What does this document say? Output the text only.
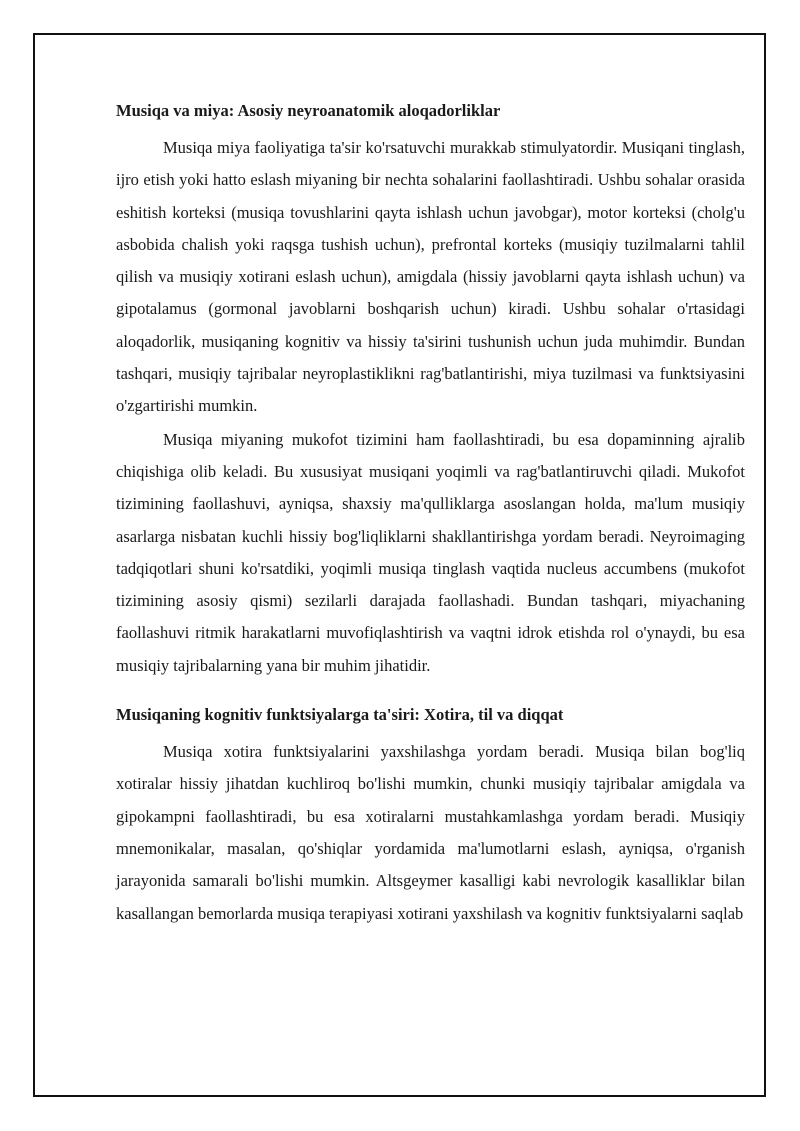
Musiqa va miya: Asosiy neyroanatomik aloqadorliklar

Musiqa miya faoliyatiga ta'sir ko'rsatuvchi murakkab stimulyatordir. Musiqani tinglash, ijro etish yoki hatto eslash miyaning bir nechta sohalarini faollashtiradi. Ushbu sohalar orasida eshitish korteksi (musiqa tovushlarini qayta ishlash uchun javobgar), motor korteksi (cholg'u asbobida chalish yoki raqsga tushish uchun), prefrontal korteks (musiqiy tuzilmalarni tahlil qilish va musiqiy xotirani eslash uchun), amigdala (hissiy javoblarni qayta ishlash uchun) va gipotalamus (gormonal javoblarni boshqarish uchun) kiradi. Ushbu sohalar o'rtasidagi aloqadorlik, musiqaning kognitiv va hissiy ta'sirini tushunish uchun juda muhimdir. Bundan tashqari, musiqiy tajribalar neyroplastiklikni rag'batlantirishi, miya tuzilmasi va funktsiyasini o'zgartirishi mumkin.

Musiqa miyaning mukofot tizimini ham faollashtiradi, bu esa dopaminning ajralib chiqishiga olib keladi. Bu xususiyat musiqani yoqimli va rag'batlantiruvchi qiladi. Mukofot tizimining faollashuvi, ayniqsa, shaxsiy ma'qulliklarga asoslangan holda, ma'lum musiqiy asarlarga nisbatan kuchli hissiy bog'liqliklarni shakllantirishga yordam beradi. Neyroimaging tadqiqotlari shuni ko'rsatdiki, yoqimli musiqa tinglash vaqtida nucleus accumbens (mukofot tizimining asosiy qismi) sezilarli darajada faollashadi. Bundan tashqari, miyachaning faollashuvi ritmik harakatlarni muvofiqlashtirish va vaqtni idrok etishda rol o'ynaydi, bu esa musiqiy tajribalarning yana bir muhim jihatidir.

Musiqaning kognitiv funktsiyalarga ta'siri: Xotira, til va diqqat

Musiqa xotira funktsiyalarini yaxshilashga yordam beradi. Musiqa bilan bog'liq xotiralar hissiy jihatdan kuchliroq bo'lishi mumkin, chunki musiqiy tajribalar amigdala va gipokampni faollashtiradi, bu esa xotiralarni mustahkamlashga yordam beradi. Musiqiy mnemonikalar, masalan, qo'shiqlar yordamida ma'lumotlarni eslash, ayniqsa, o'rganish jarayonida samarali bo'lishi mumkin. Altsgeymer kasalligi kabi nevrologik kasalliklar bilan kasallangan bemorlarda musiqa terapiyasi xotirani yaxshilash va kognitiv funktsiyalarni saqlab
